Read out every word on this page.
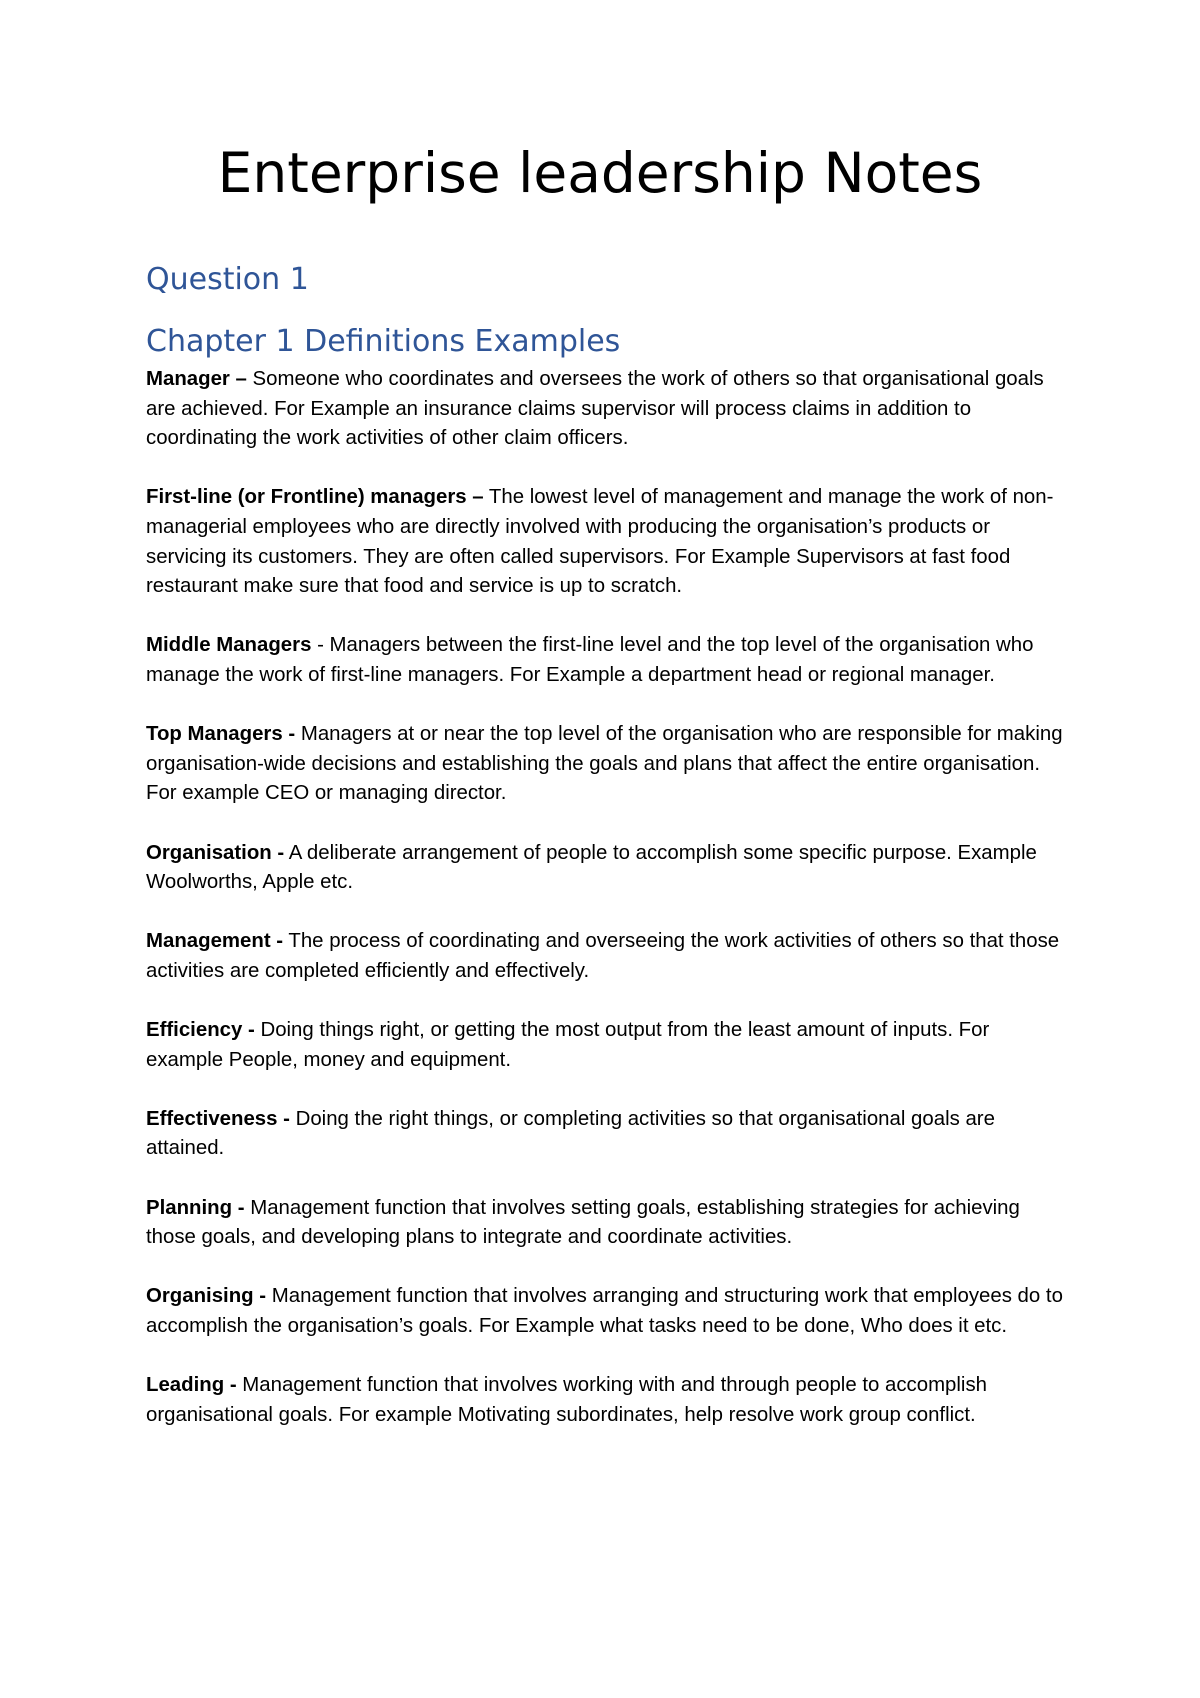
Enterprise leadership Notes
Question 1
Chapter 1 Definitions Examples
Manager – Someone who coordinates and oversees the work of others so that organisational goals are achieved. For Example an insurance claims supervisor will process claims in addition to coordinating the work activities of other claim officers.
First-line (or Frontline) managers – The lowest level of management and manage the work of non-managerial employees who are directly involved with producing the organisation’s products or servicing its customers. They are often called supervisors. For Example Supervisors at fast food restaurant make sure that food and service is up to scratch.
Middle Managers - Managers between the first-line level and the top level of the organisation who manage the work of first-line managers. For Example a department head or regional manager.
Top Managers - Managers at or near the top level of the organisation who are responsible for making organisation-wide decisions and establishing the goals and plans that affect the entire organisation. For example CEO or managing director.
Organisation - A deliberate arrangement of people to accomplish some specific purpose. Example Woolworths, Apple etc.
Management - The process of coordinating and overseeing the work activities of others so that those activities are completed efficiently and effectively.
Efficiency - Doing things right, or getting the most output from the least amount of inputs. For example People, money and equipment.
Effectiveness - Doing the right things, or completing activities so that organisational goals are attained.
Planning - Management function that involves setting goals, establishing strategies for achieving those goals, and developing plans to integrate and coordinate activities.
Organising - Management function that involves arranging and structuring work that employees do to accomplish the organisation’s goals. For Example what tasks need to be done, Who does it etc.
Leading - Management function that involves working with and through people to accomplish organisational goals. For example Motivating subordinates, help resolve work group conflict.
